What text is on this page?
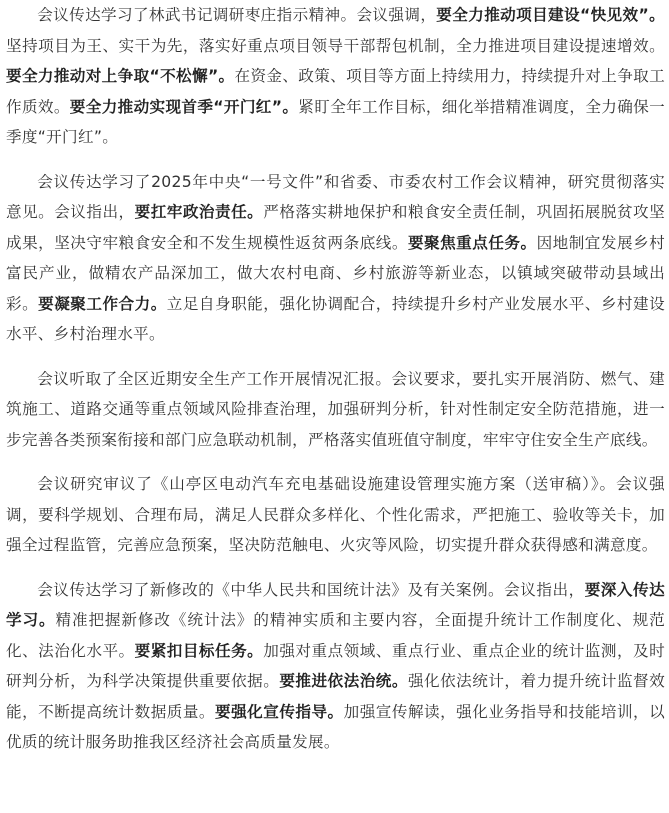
会议传达学习了林武书记调研枣庄指示精神。会议强调，要全力推动项目建设“快见效”。坚持项目为王、实干为先，落实好重点项目领导干部帮包机制，全力推进项目建设提速增效。要全力推动对上争取“不松懈”。在资金、政策、项目等方面上持续用力，持续提升对上争取工作质效。要全力推动实现首季“开门红”。紧盯全年工作目标，细化举措精准调度，全力确保一季度“开门红”。

会议传达学习了2025年中央“一号文件”和省委、市委农村工作会议精神，研究贯彻落实意见。会议指出，要扛牢政治责任。严格落实耕地保护和粮食安全责任制，巩固拓展脱贫攻坚成果，坚决守牢粮食安全和不发生规模性返贫两条底线。要聚焦重点任务。因地制宜发展乡村富民产业，做精农产品深加工，做大农村电商、乡村旅游等新业态，以镇域突破带动县域出彩。要凝聚工作合力。立足自身职能，强化协调配合，持续提升乡村产业发展水平、乡村建设水平、乡村治理水平。

会议听取了全区近期安全生产工作开展情况汇报。会议要求，要扎实开展消防、燃气、建筑施工、道路交通等重点领域风险排查治理，加强研判分析，针对性制定安全防范措施，进一步完善各类预案衔接和部门应急联动机制，严格落实值班值守制度，牢牢守住安全生产底线。

会议研究审议了《山亭区电动汽车充电基础设施建设管理实施方案（送审稿）》。会议强调，要科学规划、合理布局，满足人民群众多样化、个性化需求，严把施工、验收等关卡，加强全过程监管，完善应急预案，坚决防范触电、火灾等风险，切实提升群众获得感和满意度。

会议传达学习了新修改的《中华人民共和国统计法》及有关案例。会议指出，要深入传达学习。精准把握新修改《统计法》的精神实质和主要内容，全面提升统计工作制度化、规范化、法治化水平。要紧扣目标任务。加强对重点领域、重点行业、重点企业的统计监测，及时研判分析，为科学决策提供重要依据。要推进依法治统。强化依法统计，着力提升统计监督效能，不断提高统计数据质量。要强化宣传指导。加强宣传解读，强化业务指导和技能培训，以优质的统计服务助推我区经济社会高质量发展。
